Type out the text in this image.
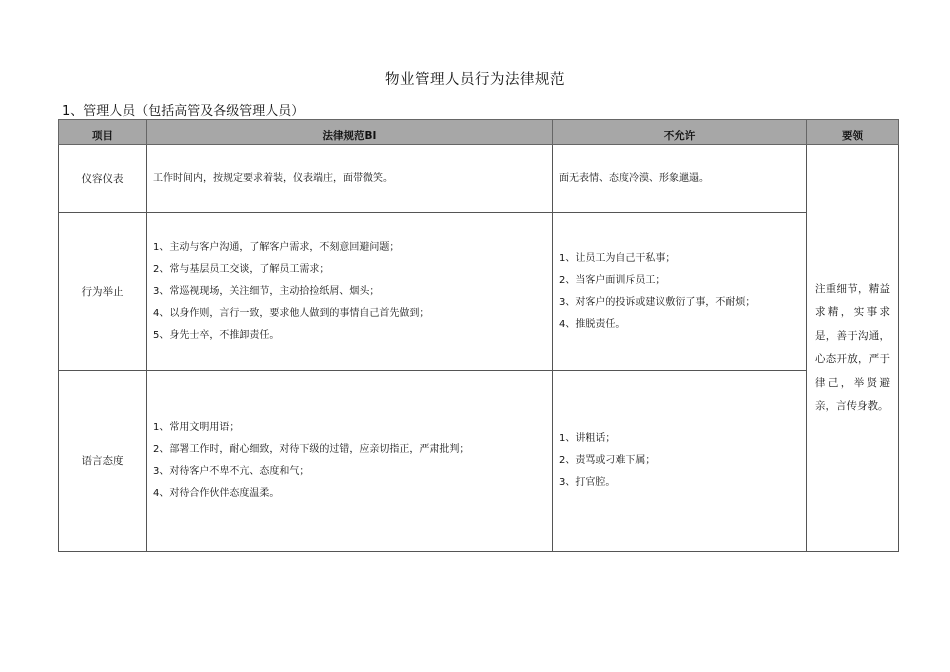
物业管理人员行为法律规范
1、管理人员（包括高管及各级管理人员）
项目	法律规范BI	不允许	要领
仪容仪表	工作时间内，按规定要求着装，仪表端庄，面带微笑。	面无表情、态度冷漠、形象邋遢。	注重细节，精益求精，实事求是，善于沟通，心态开放，严于律己，举贤避亲，言传身教。
行为举止	1、主动与客户沟通，了解客户需求，不刻意回避问题；
2、常与基层员工交谈，了解员工需求；
3、常巡视现场，关注细节，主动拾捡纸屑、烟头；
4、以身作则，言行一致，要求他人做到的事情自己首先做到；
5、身先士卒，不推卸责任。	1、让员工为自己干私事；
2、当客户面训斥员工；
3、对客户的投诉或建议敷衍了事，不耐烦；
4、推脱责任。	

语言态度	1、常用文明用语；
2、部署工作时，耐心细致，对待下级的过错，应亲切指正，严肃批判；
3、对待客户不卑不亢、态度和气；
4、对待合作伙伴态度温柔。	1、讲粗话；
2、责骂或刁难下属；
3、打官腔。	
